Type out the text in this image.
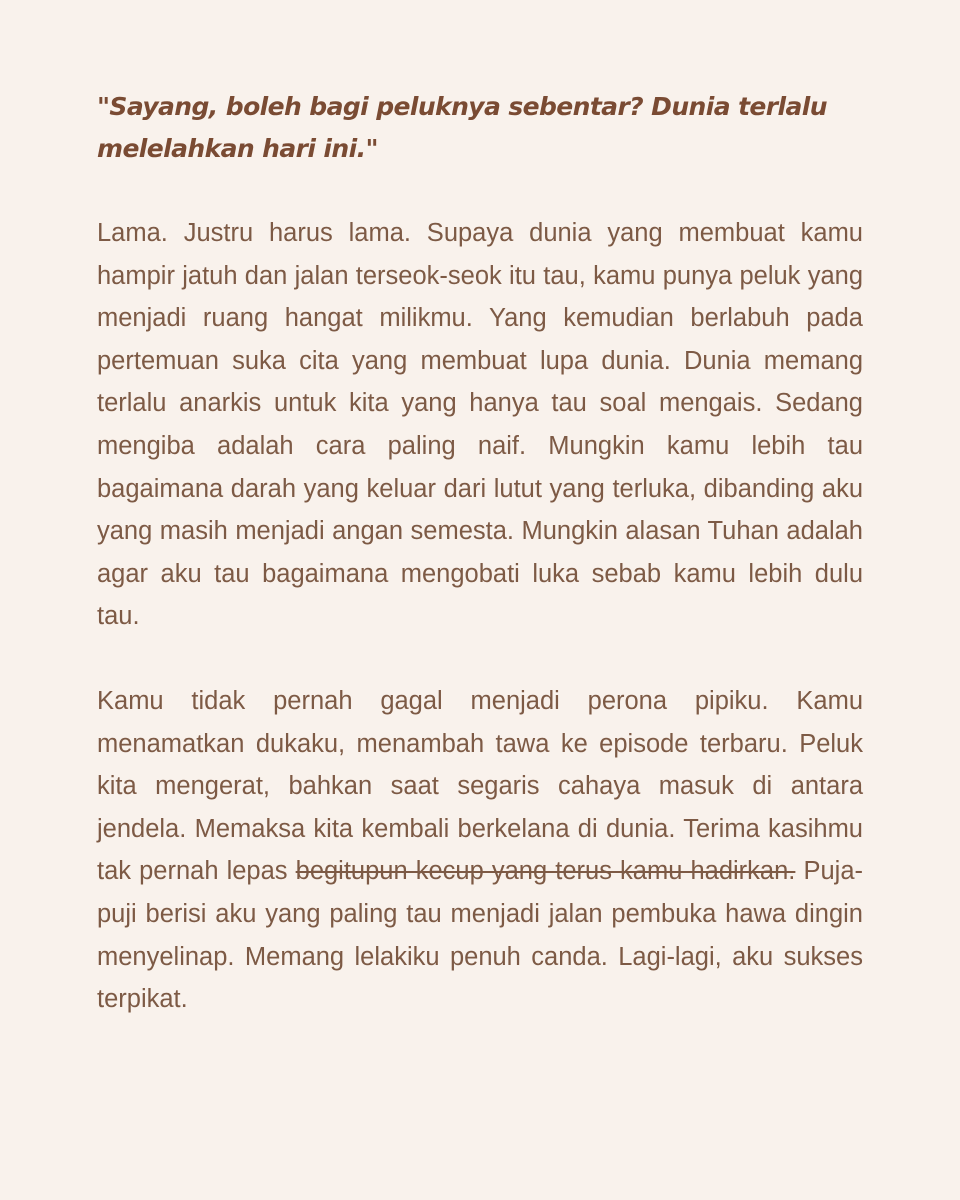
"Sayang, boleh bagi peluknya sebentar? Dunia terlalu melelahkan hari ini."

Lama. Justru harus lama. Supaya dunia yang membuat kamu hampir jatuh dan jalan terseok-seok itu tau, kamu punya peluk yang menjadi ruang hangat milikmu. Yang kemudian berlabuh pada pertemuan suka cita yang membuat lupa dunia. Dunia memang terlalu anarkis untuk kita yang hanya tau soal mengais. Sedang mengiba adalah cara paling naif. Mungkin kamu lebih tau bagaimana darah yang keluar dari lutut yang terluka, dibanding aku yang masih menjadi angan semesta. Mungkin alasan Tuhan adalah agar aku tau bagaimana mengobati luka sebab kamu lebih dulu tau.

Kamu tidak pernah gagal menjadi perona pipiku. Kamu menamatkan dukaku, menambah tawa ke episode terbaru. Peluk kita mengerat, bahkan saat segaris cahaya masuk di antara jendela. Memaksa kita kembali berkelana di dunia. Terima kasihmu tak pernah lepas begitupun kecup yang terus kamu hadirkan. Puja-puji berisi aku yang paling tau menjadi jalan pembuka hawa dingin menyelinap. Memang lelakiku penuh canda. Lagi-lagi, aku sukses terpikat.
